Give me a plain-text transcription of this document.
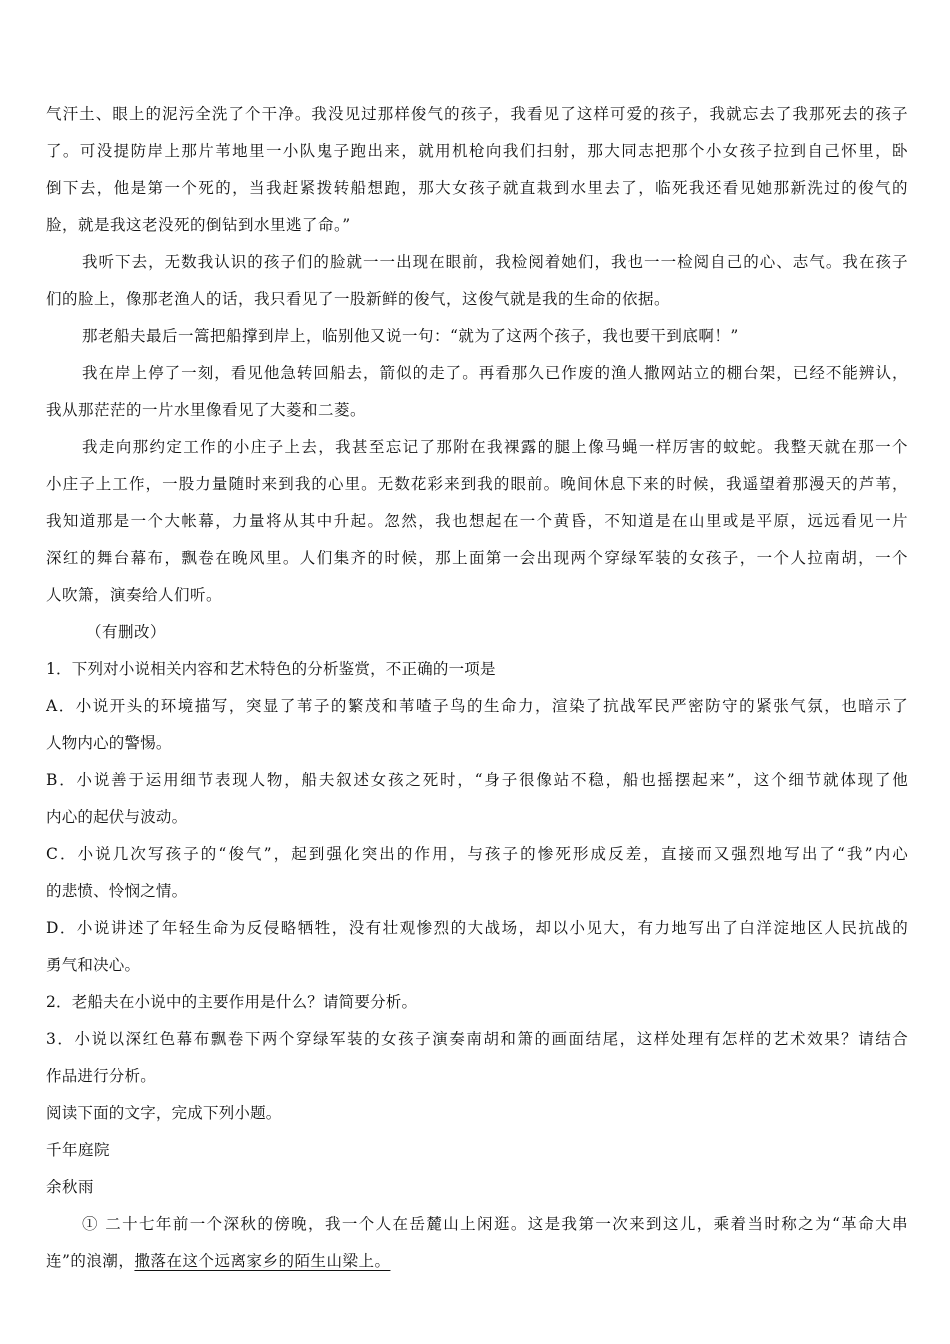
气汗土、眼上的泥污全洗了个干净。我没见过那样俊气的孩子，我看见了这样可爱的孩子，我就忘去了我那死去的孩子
了。可没提防岸上那片苇地里一小队鬼子跑出来，就用机枪向我们扫射，那大同志把那个小女孩子拉到自己怀里，卧
倒下去，他是第一个死的，当我赶紧拨转船想跑，那大女孩子就直栽到水里去了，临死我还看见她那新洗过的俊气的
脸，就是我这老没死的倒钻到水里逃了命。”
我听下去，无数我认识的孩子们的脸就一一出现在眼前，我检阅着她们，我也一一检阅自己的心、志气。我在孩子
们的脸上，像那老渔人的话，我只看见了一股新鲜的俊气，这俊气就是我的生命的依据。
那老船夫最后一篙把船撑到岸上，临别他又说一句：“就为了这两个孩子，我也要干到底啊！”
我在岸上停了一刻，看见他急转回船去，箭似的走了。再看那久已作废的渔人撒网站立的棚台架，已经不能辨认，
我从那茫茫的一片水里像看见了大菱和二菱。
我走向那约定工作的小庄子上去，我甚至忘记了那附在我裸露的腿上像马蝇一样厉害的蚊蛇。我整天就在那一个
小庄子上工作，一股力量随时来到我的心里。无数花彩来到我的眼前。晚间休息下来的时候，我遥望着那漫天的芦苇，
我知道那是一个大帐幕，力量将从其中升起。忽然，我也想起在一个黄昏，不知道是在山里或是平原，远远看见一片
深红的舞台幕布，飘卷在晚风里。人们集齐的时候，那上面第一会出现两个穿绿军装的女孩子，一个人拉南胡，一个
人吹箫，演奏给人们听。
（有删改）
1．下列对小说相关内容和艺术特色的分析鉴赏，不正确的一项是
A．小说开头的环境描写，突显了苇子的繁茂和苇喳子鸟的生命力，渲染了抗战军民严密防守的紧张气氛，也暗示了
人物内心的警惕。
B．小说善于运用细节表现人物，船夫叙述女孩之死时，“身子很像站不稳，船也摇摆起来”，这个细节就体现了他
内心的起伏与波动。
C．小说几次写孩子的“俊气”，起到强化突出的作用，与孩子的惨死形成反差，直接而又强烈地写出了“我”内心
的悲愤、怜悯之情。
D．小说讲述了年轻生命为反侵略牺牲，没有壮观惨烈的大战场，却以小见大，有力地写出了白洋淀地区人民抗战的
勇气和决心。
2．老船夫在小说中的主要作用是什么？请简要分析。
3．小说以深红色幕布飘卷下两个穿绿军装的女孩子演奏南胡和箫的画面结尾，这样处理有怎样的艺术效果？请结合
作品进行分析。
阅读下面的文字，完成下列小题。
千年庭院
余秋雨
① 二十七年前一个深秋的傍晚，我一个人在岳麓山上闲逛。这是我第一次来到这儿，乘着当时称之为“革命大串
连”的浪潮，撒落在这个远离家乡的陌生山梁上。
